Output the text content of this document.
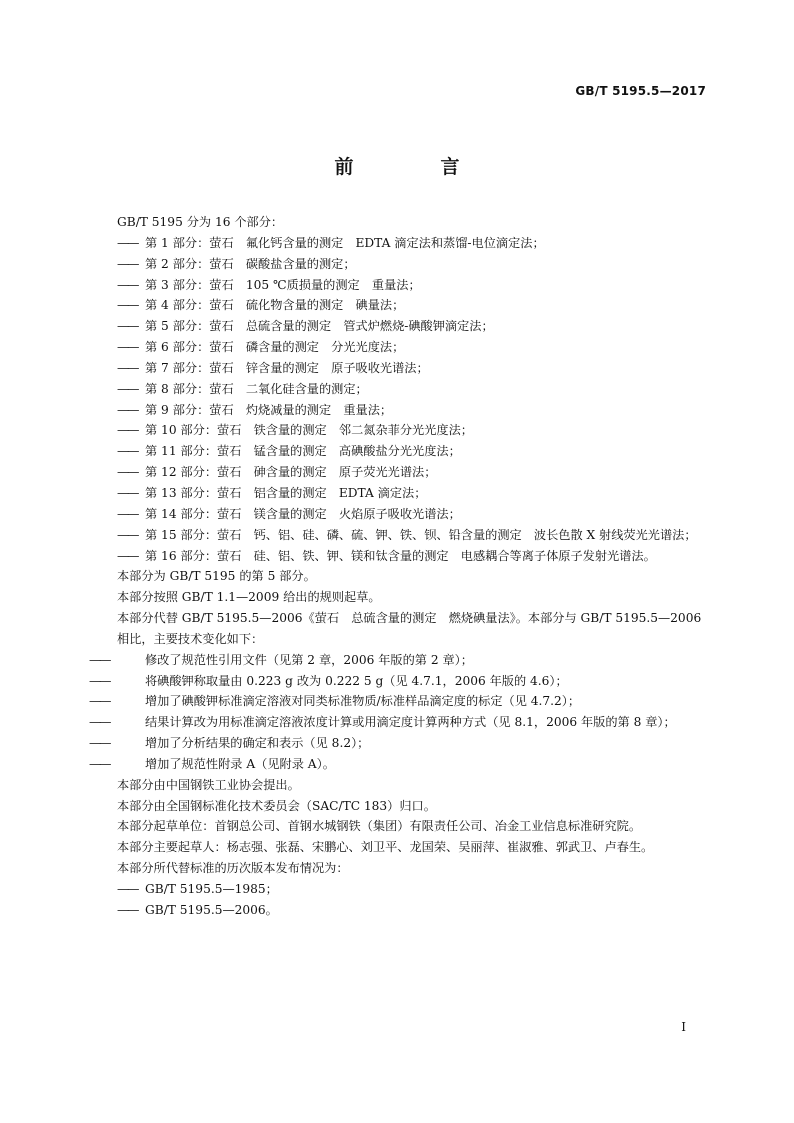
GB/T 5195.5—2017
前　言

GB/T 5195 分为 16 个部分：

—— 第 1 部分：萤石　氟化钙含量的测定　EDTA 滴定法和蒸馏-电位滴定法；

—— 第 2 部分：萤石　碳酸盐含量的测定；

—— 第 3 部分：萤石　105 ℃质损量的测定　重量法；

—— 第 4 部分：萤石　硫化物含量的测定　碘量法；

—— 第 5 部分：萤石　总硫含量的测定　管式炉燃烧-碘酸钾滴定法；

—— 第 6 部分：萤石　磷含量的测定　分光光度法；

—— 第 7 部分：萤石　锌含量的测定　原子吸收光谱法；

—— 第 8 部分：萤石　二氧化硅含量的测定；

—— 第 9 部分：萤石　灼烧减量的测定　重量法；

—— 第 10 部分：萤石　铁含量的测定　邻二氮杂菲分光光度法；

—— 第 11 部分：萤石　锰含量的测定　高碘酸盐分光光度法；

—— 第 12 部分：萤石　砷含量的测定　原子荧光光谱法；

—— 第 13 部分：萤石　铝含量的测定　EDTA 滴定法；

—— 第 14 部分：萤石　镁含量的测定　火焰原子吸收光谱法；

—— 第 15 部分：萤石　钙、铝、硅、磷、硫、钾、铁、钡、铅含量的测定　波长色散 X 射线荧光光谱法；

—— 第 16 部分：萤石　硅、铝、铁、钾、镁和钛含量的测定　电感耦合等离子体原子发射光谱法。

本部分为 GB/T 5195 的第 5 部分。

本部分按照 GB/T 1.1—2009 给出的规则起草。

本部分代替 GB/T 5195.5—2006《萤石　总硫含量的测定　燃烧碘量法》。本部分与 GB/T 5195.5—2006 相比，主要技术变化如下：

——	修改了规范性引用文件（见第 2 章，2006 年版的第 2 章）；

——	将碘酸钾称取量由 0.223 g 改为 0.222 5 g（见 4.7.1，2006 年版的 4.6）；

——	增加了碘酸钾标准滴定溶液对同类标准物质/标准样品滴定度的标定（见 4.7.2）；

——	结果计算改为用标准滴定溶液浓度计算或用滴定度计算两种方式（见 8.1，2006 年版的第 8 章）；

——	增加了分析结果的确定和表示（见 8.2）；

——	增加了规范性附录 A（见附录 A）。

本部分由中国钢铁工业协会提出。

本部分由全国钢标准化技术委员会（SAC/TC 183）归口。

本部分起草单位：首钢总公司、首钢水城钢铁（集团）有限责任公司、冶金工业信息标准研究院。

本部分主要起草人：杨志强、张磊、宋鹏心、刘卫平、龙国荣、吴丽萍、崔淑雅、郭武卫、卢春生。

本部分所代替标准的历次版本发布情况为：

—— GB/T 5195.5—1985；

—— GB/T 5195.5—2006。

I
